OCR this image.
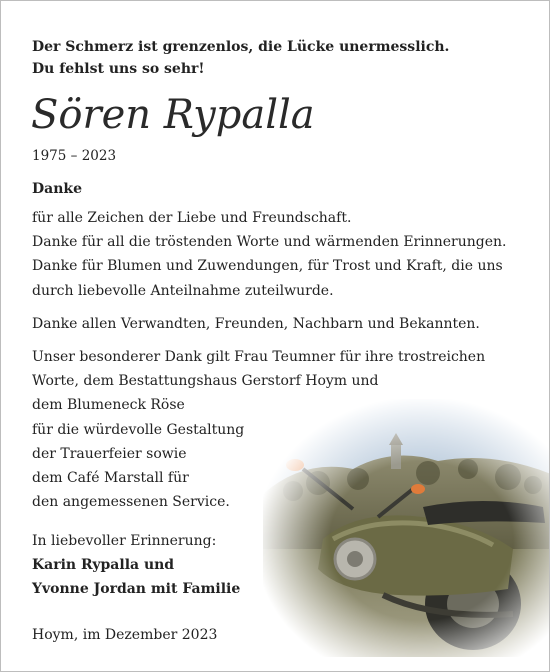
Der Schmerz ist grenzenlos, die Lücke unermesslich.
Du fehlst uns so sehr!
Sören Rypalla
1975 – 2023
Danke
für alle Zeichen der Liebe und Freundschaft.
Danke für all die tröstenden Worte und wärmenden Erinnerungen.
Danke für Blumen und Zuwendungen, für Trost und Kraft, die uns
durch liebevolle Anteilnahme zuteilwurde.
Danke allen Verwandten, Freunden, Nachbarn und Bekannten.
Unser besonderer Dank gilt Frau Teumner für ihre trostreichen
Worte, dem Bestattungshaus Gerstorf Hoym und
dem Blumeneck Röse
für die würdevolle Gestaltung
der Trauerfeier sowie
dem Café Marstall für
den angemessenen Service.
In liebevoller Erinnerung:
Karin Rypalla und
Yvonne Jordan mit Familie
Hoym, im Dezember 2023
